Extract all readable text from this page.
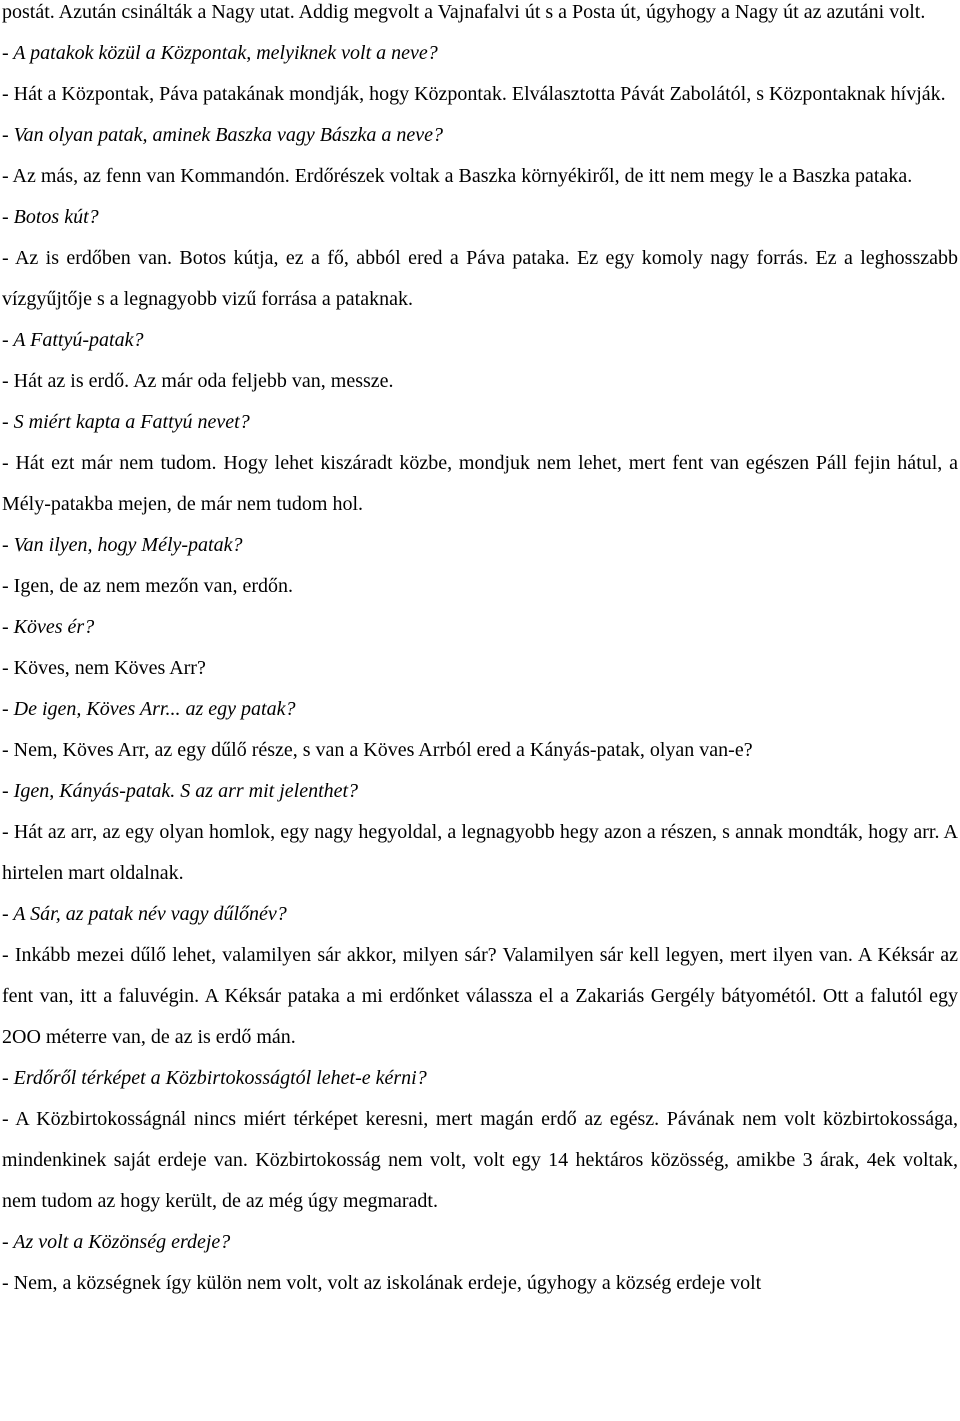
postát. Azután csinálták a Nagy utat. Addig megvolt a Vajnafalvi út s a Posta út, úgyhogy a Nagy út az azutáni volt.

- A patakok közül a Központak, melyiknek volt a neve?

- Hát a Központak, Páva patakának mondják, hogy Központak. Elválasztotta Pávát Zabolától, s Központaknak hívják.

- Van olyan patak, aminek Baszka vagy Bászka a neve?

- Az más, az fenn van Kommandón. Erdőrészek voltak a Baszka környékiről, de itt nem megy le a Baszka pataka.

- Botos kút?

- Az is erdőben van. Botos kútja, ez a fő, abból ered a Páva pataka. Ez egy komoly nagy forrás. Ez a leghosszabb vízgyűjtője s a legnagyobb vizű forrása a pataknak.

- A Fattyú-patak?

- Hát az is erdő. Az már oda feljebb van, messze.

- S miért kapta a Fattyú nevet?

- Hát ezt már nem tudom. Hogy lehet kiszáradt közbe, mondjuk nem lehet, mert fent van egészen Páll fejin hátul, a Mély-patakba mejen, de már nem tudom hol.

- Van ilyen, hogy Mély-patak?

- Igen, de az nem mezőn van, erdőn.

- Köves ér?

- Köves, nem Köves Arr?

- De igen, Köves Arr... az egy patak?

- Nem, Köves Arr, az egy dűlő része, s van a Köves Arrból ered a Kányás-patak, olyan van-e?

- Igen, Kányás-patak. S az arr mit jelenthet?

- Hát az arr, az egy olyan homlok, egy nagy hegyoldal, a legnagyobb hegy azon a részen, s annak mondták, hogy arr. A hirtelen mart oldalnak.

- A Sár, az patak név vagy dűlőnév?

- Inkább mezei dűlő lehet, valamilyen sár akkor, milyen sár? Valamilyen sár kell legyen, mert ilyen van. A Kéksár az fent van, itt a faluvégin. A Kéksár pataka a mi erdőnket válassza el a Zakariás Gergély bátyométól. Ott a falutól egy 2OO méterre van, de az is erdő mán.

- Erdőről térképet a Közbirtokosságtól lehet-e kérni?

- A Közbirtokosságnál nincs miért térképet keresni, mert magán erdő az egész. Pávának nem volt közbirtokossága, mindenkinek saját erdeje van. Közbirtokosság nem volt, volt egy 14 hektáros közösség, amikbe 3 árak, 4ek voltak, nem tudom az hogy került, de az még úgy megmaradt.

- Az volt a Közönség erdeje?

- Nem, a községnek így külön nem volt, volt az iskolának erdeje, úgyhogy a község erdeje volt
